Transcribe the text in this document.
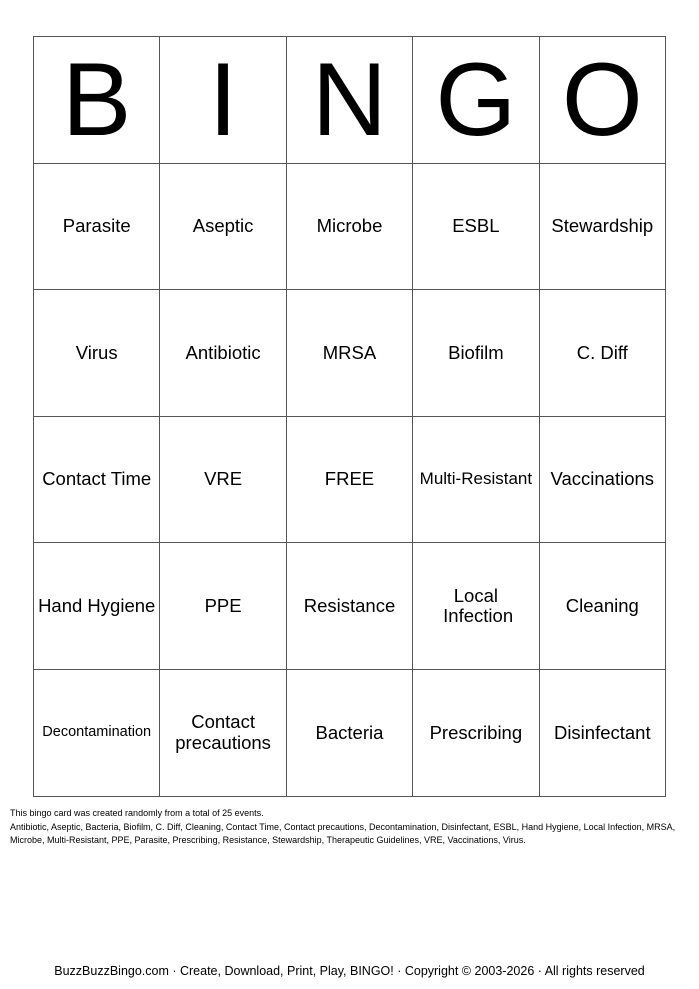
B	I	N	G	O
Parasite	Aseptic	Microbe	ESBL	Stewardship
Virus	Antibiotic	MRSA	Biofilm	C. Diff
Contact Time	VRE	FREE	Multi-Resistant	Vaccinations
Hand Hygiene	PPE	Resistance	Local Infection	Cleaning
Decontamination	Contact precautions	Bacteria	Prescribing	Disinfectant
This bingo card was created randomly from a total of 25 events.
Antibiotic, Aseptic, Bacteria, Biofilm, C. Diff, Cleaning, Contact Time, Contact precautions, Decontamination, Disinfectant, ESBL, Hand Hygiene, Local Infection, MRSA, Microbe, Multi-Resistant, PPE, Parasite, Prescribing, Resistance, Stewardship, Therapeutic Guidelines, VRE, Vaccinations, Virus.
BuzzBuzzBingo.com · Create, Download, Print, Play, BINGO! · Copyright © 2003-2026 · All rights reserved
